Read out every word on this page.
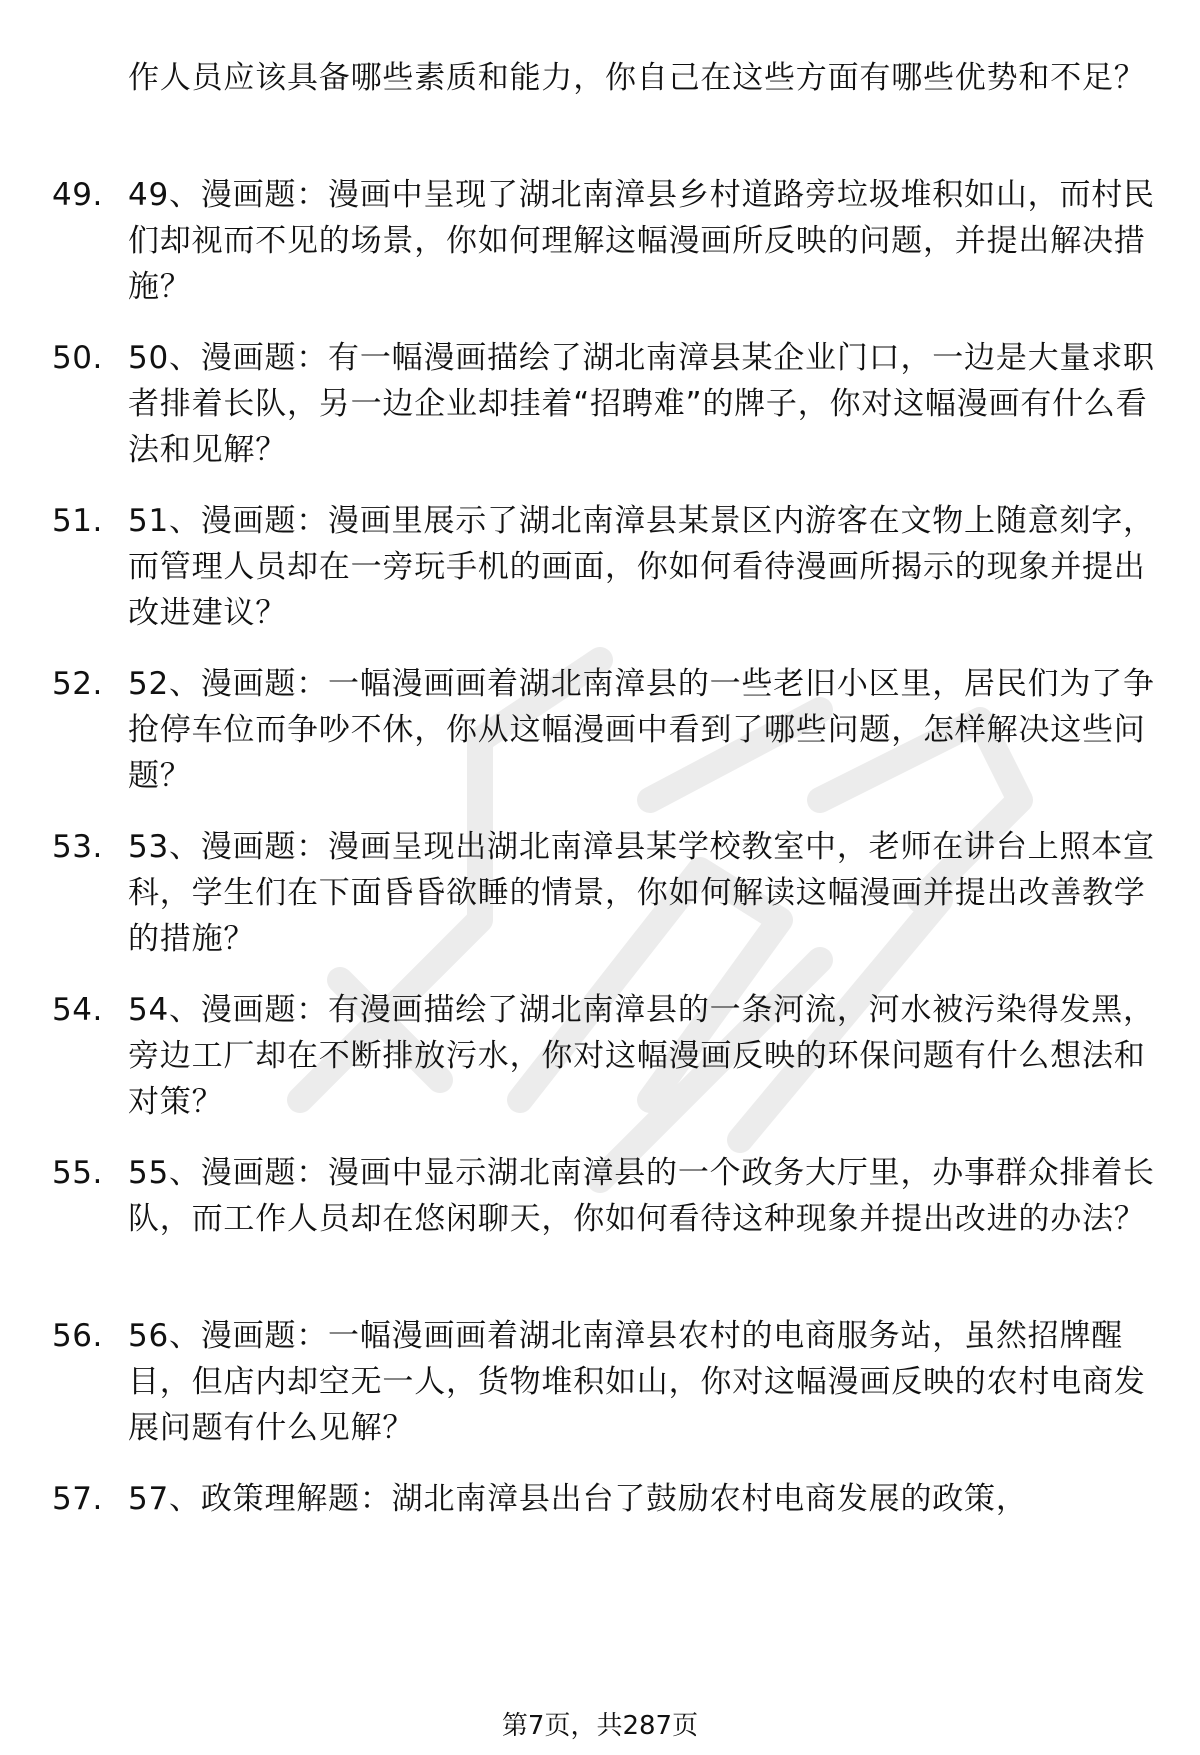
作人员应该具备哪些素质和能力，你自己在这些方面有哪些优势和不足？
49. 49、漫画题：漫画中呈现了湖北南漳县乡村道路旁垃圾堆积如山，而村民们却视而不见的场景，你如何理解这幅漫画所反映的问题，并提出解决措施？
50. 50、漫画题：有一幅漫画描绘了湖北南漳县某企业门口，一边是大量求职者排着长队，另一边企业却挂着“招聘难”的牌子，你对这幅漫画有什么看法和见解？
51. 51、漫画题：漫画里展示了湖北南漳县某景区内游客在文物上随意刻字，而管理人员却在一旁玩手机的画面，你如何看待漫画所揭示的现象并提出改进建议？
52. 52、漫画题：一幅漫画画着湖北南漳县的一些老旧小区里，居民们为了争抢停车位而争吵不休，你从这幅漫画中看到了哪些问题，怎样解决这些问题？
53. 53、漫画题：漫画呈现出湖北南漳县某学校教室中，老师在讲台上照本宣科，学生们在下面昏昏欲睡的情景，你如何解读这幅漫画并提出改善教学的措施？
54. 54、漫画题：有漫画描绘了湖北南漳县的一条河流，河水被污染得发黑，旁边工厂却在不断排放污水，你对这幅漫画反映的环保问题有什么想法和对策？
55. 55、漫画题：漫画中显示湖北南漳县的一个政务大厅里，办事群众排着长队，而工作人员却在悠闲聊天，你如何看待这种现象并提出改进的办法？
56. 56、漫画题：一幅漫画画着湖北南漳县农村的电商服务站，虽然招牌醒目，但店内却空无一人，货物堆积如山，你对这幅漫画反映的农村电商发展问题有什么见解？
57. 57、政策理解题：湖北南漳县出台了鼓励农村电商发展的政策，
第7页，共287页
